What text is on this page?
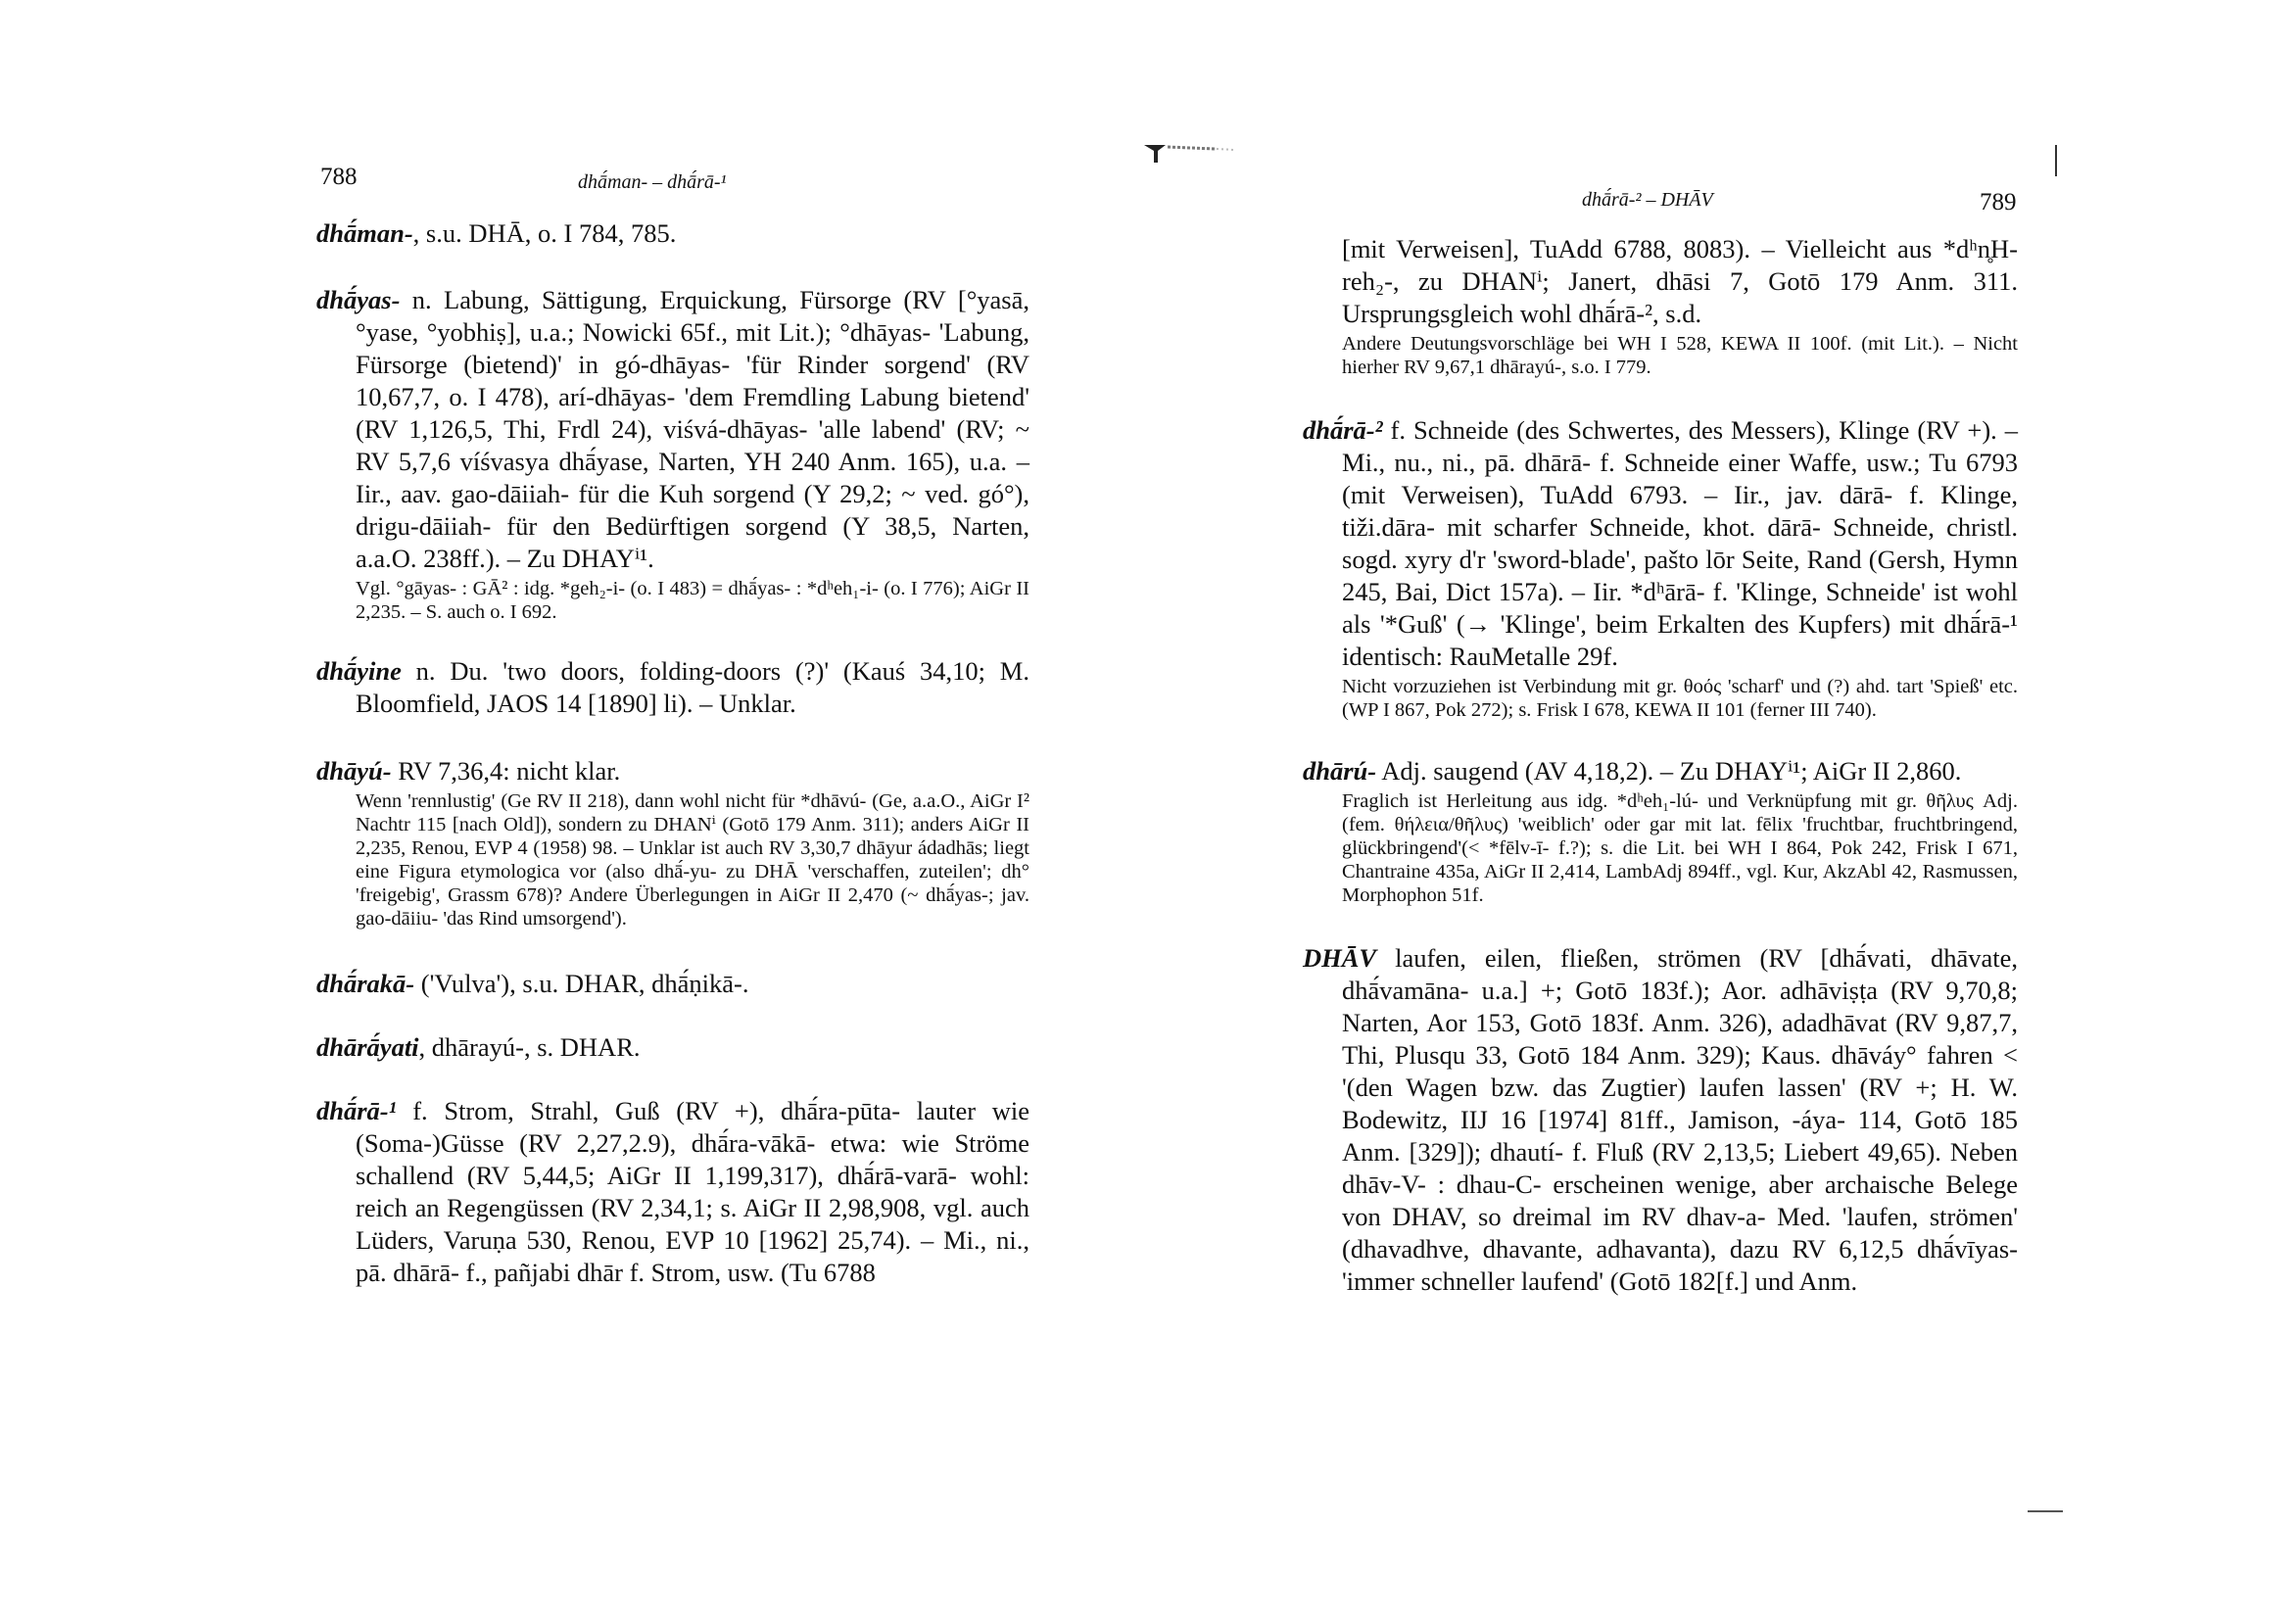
788	dhā́man- – dhā́rā-¹

dhā́man-, s.u. DHĀ, o. I 784, 785.

dhā́yas- n. Labung, Sättigung, Erquickung, Fürsorge (RV [°yasā, °yase, °yobhiṣ], u.a.; Nowicki 65f., mit Lit.); °dhāyas- 'Labung, Fürsorge (bietend)' in gó-dhāyas- 'für Rinder sorgend' (RV 10,67,7, o. I 478), arí-dhāyas- 'dem Fremdling Labung bietend' (RV 1,126,5, Thi, Frdl 24), viśvá-dhāyas- 'alle labend' (RV; ~ RV 5,7,6 víśvasya dhā́yase, Narten, YH 240 Anm. 165), u.a. – Iir., aav. gao-dāiiah- für die Kuh sorgend (Y 29,2; ~ ved. gó°), drigu-dāiiah- für den Bedürftigen sorgend (Y 38,5, Narten, a.a.O. 238ff.). – Zu DHAYⁱ¹.

Vgl. °gāyas- : GĀ² : idg. *geh₂-i- (o. I 483) = dhā́yas- : *dʰeh₁-i- (o. I 776); AiGr II 2,235. – S. auch o. I 692.

dhā́yine n. Du. 'two doors, folding-doors (?)' (Kauś 34,10; M. Bloomfield, JAOS 14 [1890] li). – Unklar.

dhāyú- RV 7,36,4: nicht klar.

Wenn 'rennlustig' (Ge RV II 218), dann wohl nicht für *dhāvú- (Ge, a.a.O., AiGr I² Nachtr 115 [nach Old]), sondern zu DHANⁱ (Gotō 179 Anm. 311); anders AiGr II 2,235, Renou, EVP 4 (1958) 98. – Unklar ist auch RV 3,30,7 dhāyur ádadhās; liegt eine Figura etymologica vor (also dhā́-yu- zu DHĀ 'verschaffen, zuteilen'; dh° 'freigebig', Grassm 678)? Andere Überlegungen in AiGr II 2,470 (~ dhā́yas-; jav. gao-dāiiu- 'das Rind umsorgend').

dhā́rakā- ('Vulva'), s.u. DHAR, dhā́ṇikā-.

dhārā́yati, dhārayú-, s. DHAR.

dhā́rā-¹ f. Strom, Strahl, Guß (RV +), dhā́ra-pūta- lauter wie (Soma-)Güsse (RV 2,27,2.9), dhā́ra-vākā- etwa: wie Ströme schallend (RV 5,44,5; AiGr II 1,199,317), dhā́rā-varā- wohl: reich an Regengüssen (RV 2,34,1; s. AiGr II 2,98,908, vgl. auch Lüders, Varuṇa 530, Renou, EVP 10 [1962] 25,74). – Mi., ni., pā. dhārā- f., pañjabi dhār f. Strom, usw. (Tu 6788

dhā́rā-² – DHĀV	789

[mit Verweisen], TuAdd 6788, 8083). – Vielleicht aus *dʰn̥H-reh₂-, zu DHANⁱ; Janert, dhāsi 7, Gotō 179 Anm. 311. Ursprungsgleich wohl dhā́rā-², s.d.

Andere Deutungsvorschläge bei WH I 528, KEWA II 100f. (mit Lit.). – Nicht hierher RV 9,67,1 dhārayú-, s.o. I 779.

dhā́rā-² f. Schneide (des Schwertes, des Messers), Klinge (RV +). – Mi., nu., ni., pā. dhārā- f. Schneide einer Waffe, usw.; Tu 6793 (mit Verweisen), TuAdd 6793. – Iir., jav. dārā- f. Klinge, tiži.dāra- mit scharfer Schneide, khot. dārā- Schneide, christl. sogd. xyry d'r 'sword-blade', pašto lōr Seite, Rand (Gersh, Hymn 245, Bai, Dict 157a). – Iir. *dʰārā- f. 'Klinge, Schneide' ist wohl als '*Guß' (→ 'Klinge', beim Erkalten des Kupfers) mit dhā́rā-¹ identisch: RauMetalle 29f.

Nicht vorzuziehen ist Verbindung mit gr. θοός 'scharf' und (?) ahd. tart 'Spieß' etc. (WP I 867, Pok 272); s. Frisk I 678, KEWA II 101 (ferner III 740).

dhārú- Adj. saugend (AV 4,18,2). – Zu DHAYⁱ¹; AiGr II 2,860.

Fraglich ist Herleitung aus idg. *dʰeh₁-lú- und Verknüpfung mit gr. θῆλυς Adj. (fem. θήλεια/θῆλυς) 'weiblich' oder gar mit lat. fēlix 'fruchtbar, fruchtbringend, glückbringend'(< *fēlv-ī- f.?); s. die Lit. bei WH I 864, Pok 242, Frisk I 671, Chantraine 435a, AiGr II 2,414, LambAdj 894ff., vgl. Kur, AkzAbl 42, Rasmussen, Morphophon 51f.

DHĀV laufen, eilen, fließen, strömen (RV [dhā́vati, dhāvate, dhā́vamāna- u.a.] +; Gotō 183f.); Aor. adhāviṣṭa (RV 9,70,8; Narten, Aor 153, Gotō 183f. Anm. 326), adadhāvat (RV 9,87,7, Thi, Plusqu 33, Gotō 184 Anm. 329); Kaus. dhāváy° fahren < '(den Wagen bzw. das Zugtier) laufen lassen' (RV +; H. W. Bodewitz, IIJ 16 [1974] 81ff., Jamison, -áya- 114, Gotō 185 Anm. [329]); dhautí- f. Fluß (RV 2,13,5; Liebert 49,65). Neben dhāv-V- : dhau-C- erscheinen wenige, aber archaische Belege von DHAV, so dreimal im RV dhav-a- Med. 'laufen, strömen' (dhavadhve, dhavante, adhavanta), dazu RV 6,12,5 dhā́vīyas- 'immer schneller laufend' (Gotō 182[f.] und Anm.
